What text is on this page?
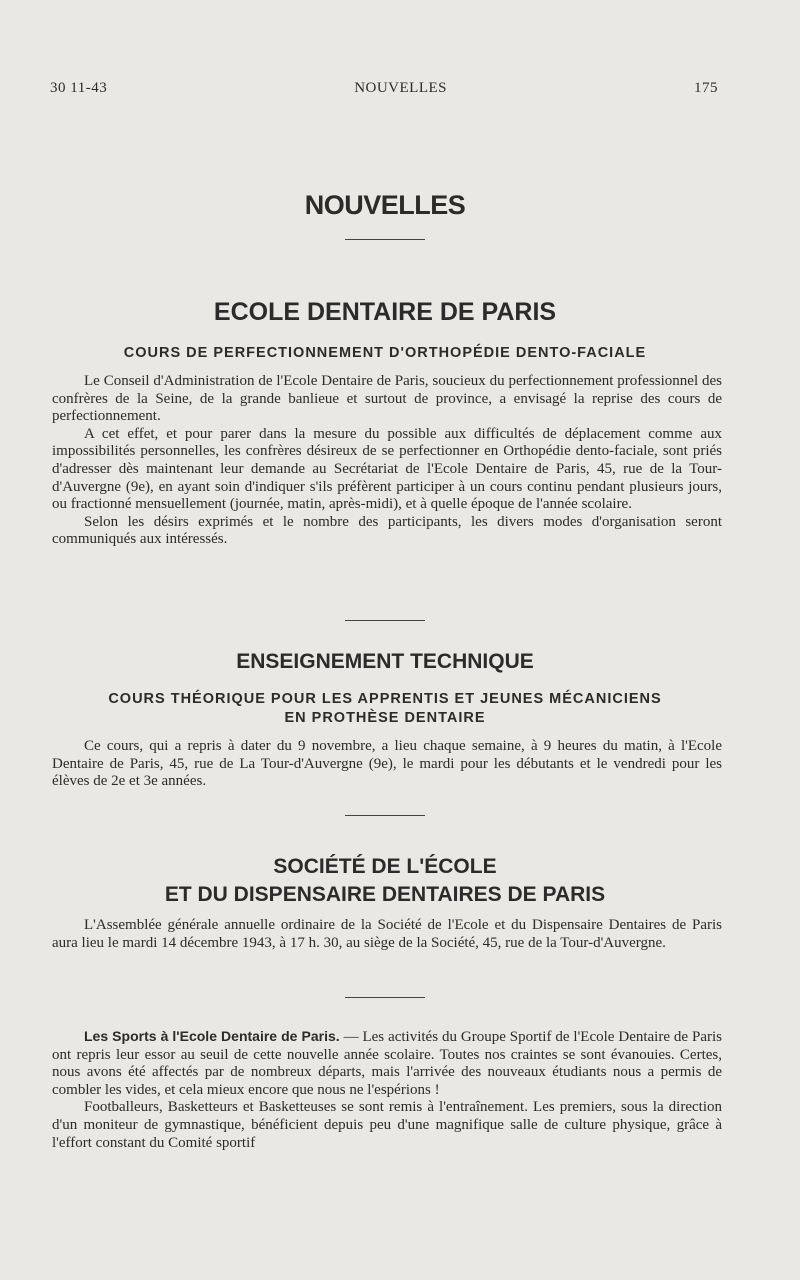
30 11-43	NOUVELLES	175
NOUVELLES
ECOLE DENTAIRE DE PARIS
COURS DE PERFECTIONNEMENT D'ORTHOPÉDIE DENTO-FACIALE

Le Conseil d'Administration de l'Ecole Dentaire de Paris, soucieux du perfectionnement professionnel des confrères de la Seine, de la grande banlieue et surtout de province, a envisagé la reprise des cours de perfectionnement.

A cet effet, et pour parer dans la mesure du possible aux difficultés de déplacement comme aux impossibilités personnelles, les confrères désireux de se perfectionner en Orthopédie dento-faciale, sont priés d'adresser dès maintenant leur demande au Secrétariat de l'Ecole Dentaire de Paris, 45, rue de la Tour-d'Auvergne (9e), en ayant soin d'indiquer s'ils préfèrent participer à un cours continu pendant plusieurs jours, ou fractionné mensuellement (journée, matin, après-midi), et à quelle époque de l'année scolaire.

Selon les désirs exprimés et le nombre des participants, les divers modes d'organisation seront communiqués aux intéressés.

ENSEIGNEMENT TECHNIQUE
COURS THÉORIQUE POUR LES APPRENTIS ET JEUNES MÉCANICIENS
EN PROTHÈSE DENTAIRE

Ce cours, qui a repris à dater du 9 novembre, a lieu chaque semaine, à 9 heures du matin, à l'Ecole Dentaire de Paris, 45, rue de La Tour-d'Auvergne (9e), le mardi pour les débutants et le vendredi pour les élèves de 2e et 3e années.

SOCIÉTÉ DE L'ÉCOLE
ET DU DISPENSAIRE DENTAIRES DE PARIS

L'Assemblée générale annuelle ordinaire de la Société de l'Ecole et du Dispensaire Dentaires de Paris aura lieu le mardi 14 décembre 1943, à 17 h. 30, au siège de la Société, 45, rue de la Tour-d'Auvergne.

Les Sports à l'Ecole Dentaire de Paris. — Les activités du Groupe Sportif de l'Ecole Dentaire de Paris ont repris leur essor au seuil de cette nouvelle année scolaire. Toutes nos craintes se sont évanouies. Certes, nous avons été affectés par de nombreux départs, mais l'arrivée des nouveaux étudiants nous a permis de combler les vides, et cela mieux encore que nous ne l'espérions !

Footballeurs, Basketteurs et Basketteuses se sont remis à l'entraînement. Les premiers, sous la direction d'un moniteur de gymnastique, bénéficient depuis peu d'une magnifique salle de culture physique, grâce à l'effort constant du Comité sportif
